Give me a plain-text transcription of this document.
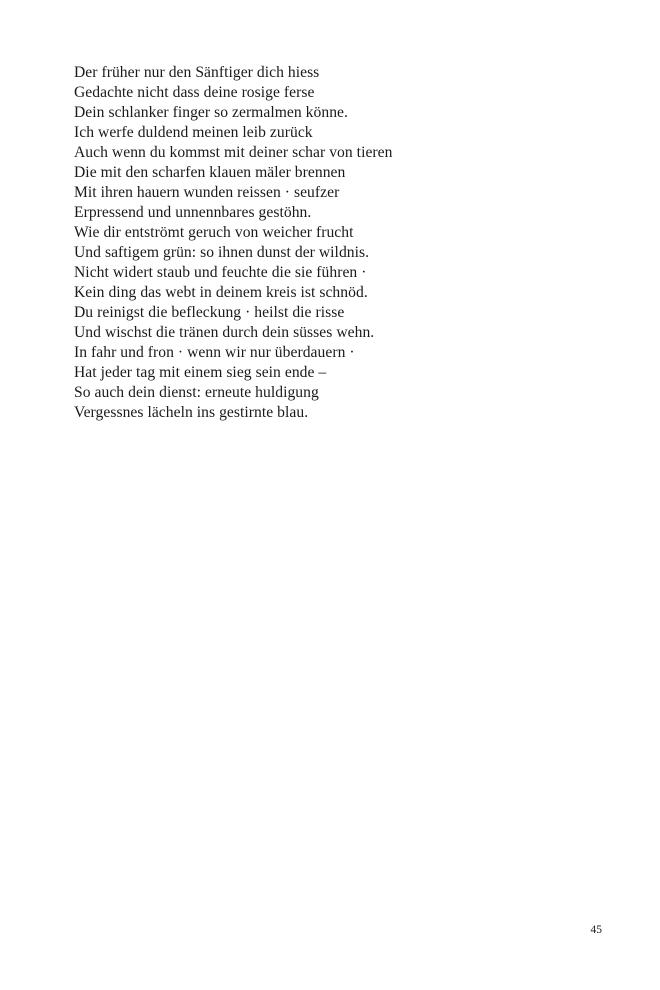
Der früher nur den Sänftiger dich hiess
Gedachte nicht dass deine rosige ferse
Dein schlanker finger so zermalmen könne.
Ich werfe duldend meinen leib zurück
Auch wenn du kommst mit deiner schar von tieren
Die mit den scharfen klauen mäler brennen
Mit ihren hauern wunden reissen · seufzer
Erpressend und unnennbares gestöhn.
Wie dir entströmt geruch von weicher frucht
Und saftigem grün: so ihnen dunst der wildnis.
Nicht widert staub und feuchte die sie führen ·
Kein ding das webt in deinem kreis ist schnöd.
Du reinigst die befleckung · heilst die risse
Und wischst die tränen durch dein süsses wehn.
In fahr und fron · wenn wir nur überdauern ·
Hat jeder tag mit einem sieg sein ende –
So auch dein dienst: erneute huldigung
Vergessnes lächeln ins gestirnte blau.
45
